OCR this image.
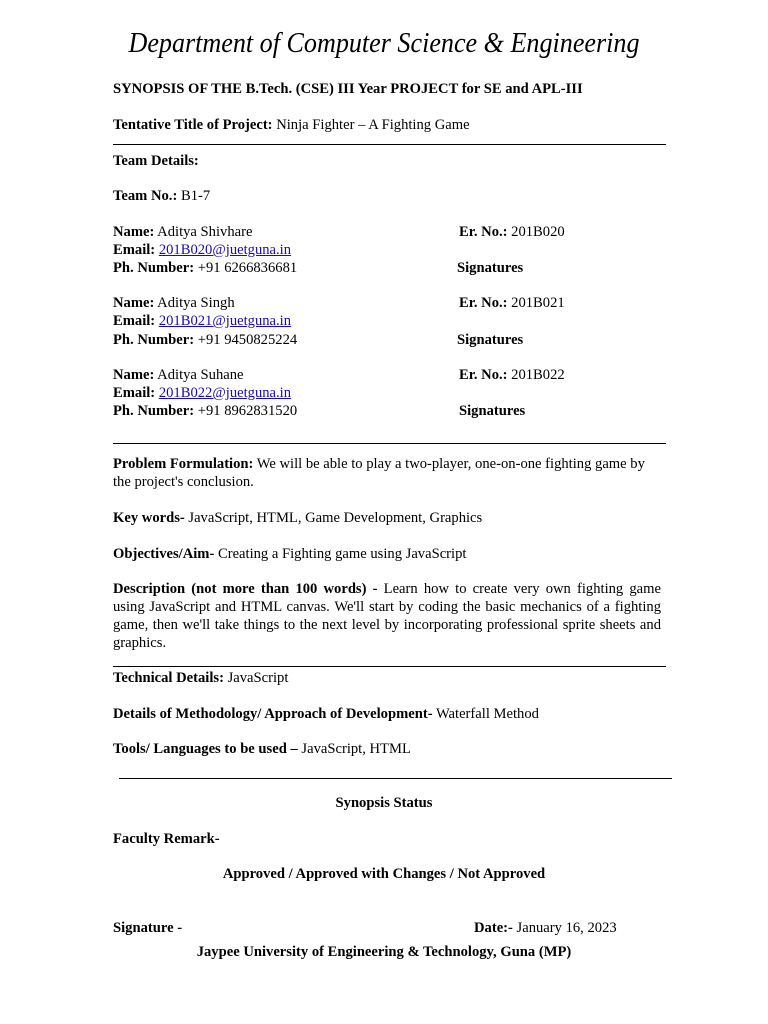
Department of Computer Science & Engineering
SYNOPSIS OF THE B.Tech. (CSE) III Year PROJECT for SE and APL-III
Tentative Title of Project: Ninja Fighter – A Fighting Game
Team Details:
Team No.: B1-7
Name: Aditya Shivhare	Er. No.: 201B020
Email: 201B020@juetguna.in
Ph. Number: +91 6266836681	Signatures
Name: Aditya Singh	Er. No.: 201B021
Email: 201B021@juetguna.in
Ph. Number: +91 9450825224	Signatures
Name: Aditya Suhane	Er. No.: 201B022
Email: 201B022@juetguna.in
Ph. Number: +91 8962831520	Signatures
Problem Formulation: We will be able to play a two-player, one-on-one fighting game by the project's conclusion.
Key words- JavaScript, HTML, Game Development, Graphics
Objectives/Aim- Creating a Fighting game using JavaScript
Description (not more than 100 words) - Learn how to create very own fighting game using JavaScript and HTML canvas. We'll start by coding the basic mechanics of a fighting game, then we'll take things to the next level by incorporating professional sprite sheets and graphics.
Technical Details: JavaScript
Details of Methodology/ Approach of Development- Waterfall Method
Tools/ Languages to be used – JavaScript, HTML
Synopsis Status
Faculty Remark-
Approved / Approved with Changes / Not Approved
Signature -	Date:- January 16, 2023
Jaypee University of Engineering & Technology, Guna (MP)
